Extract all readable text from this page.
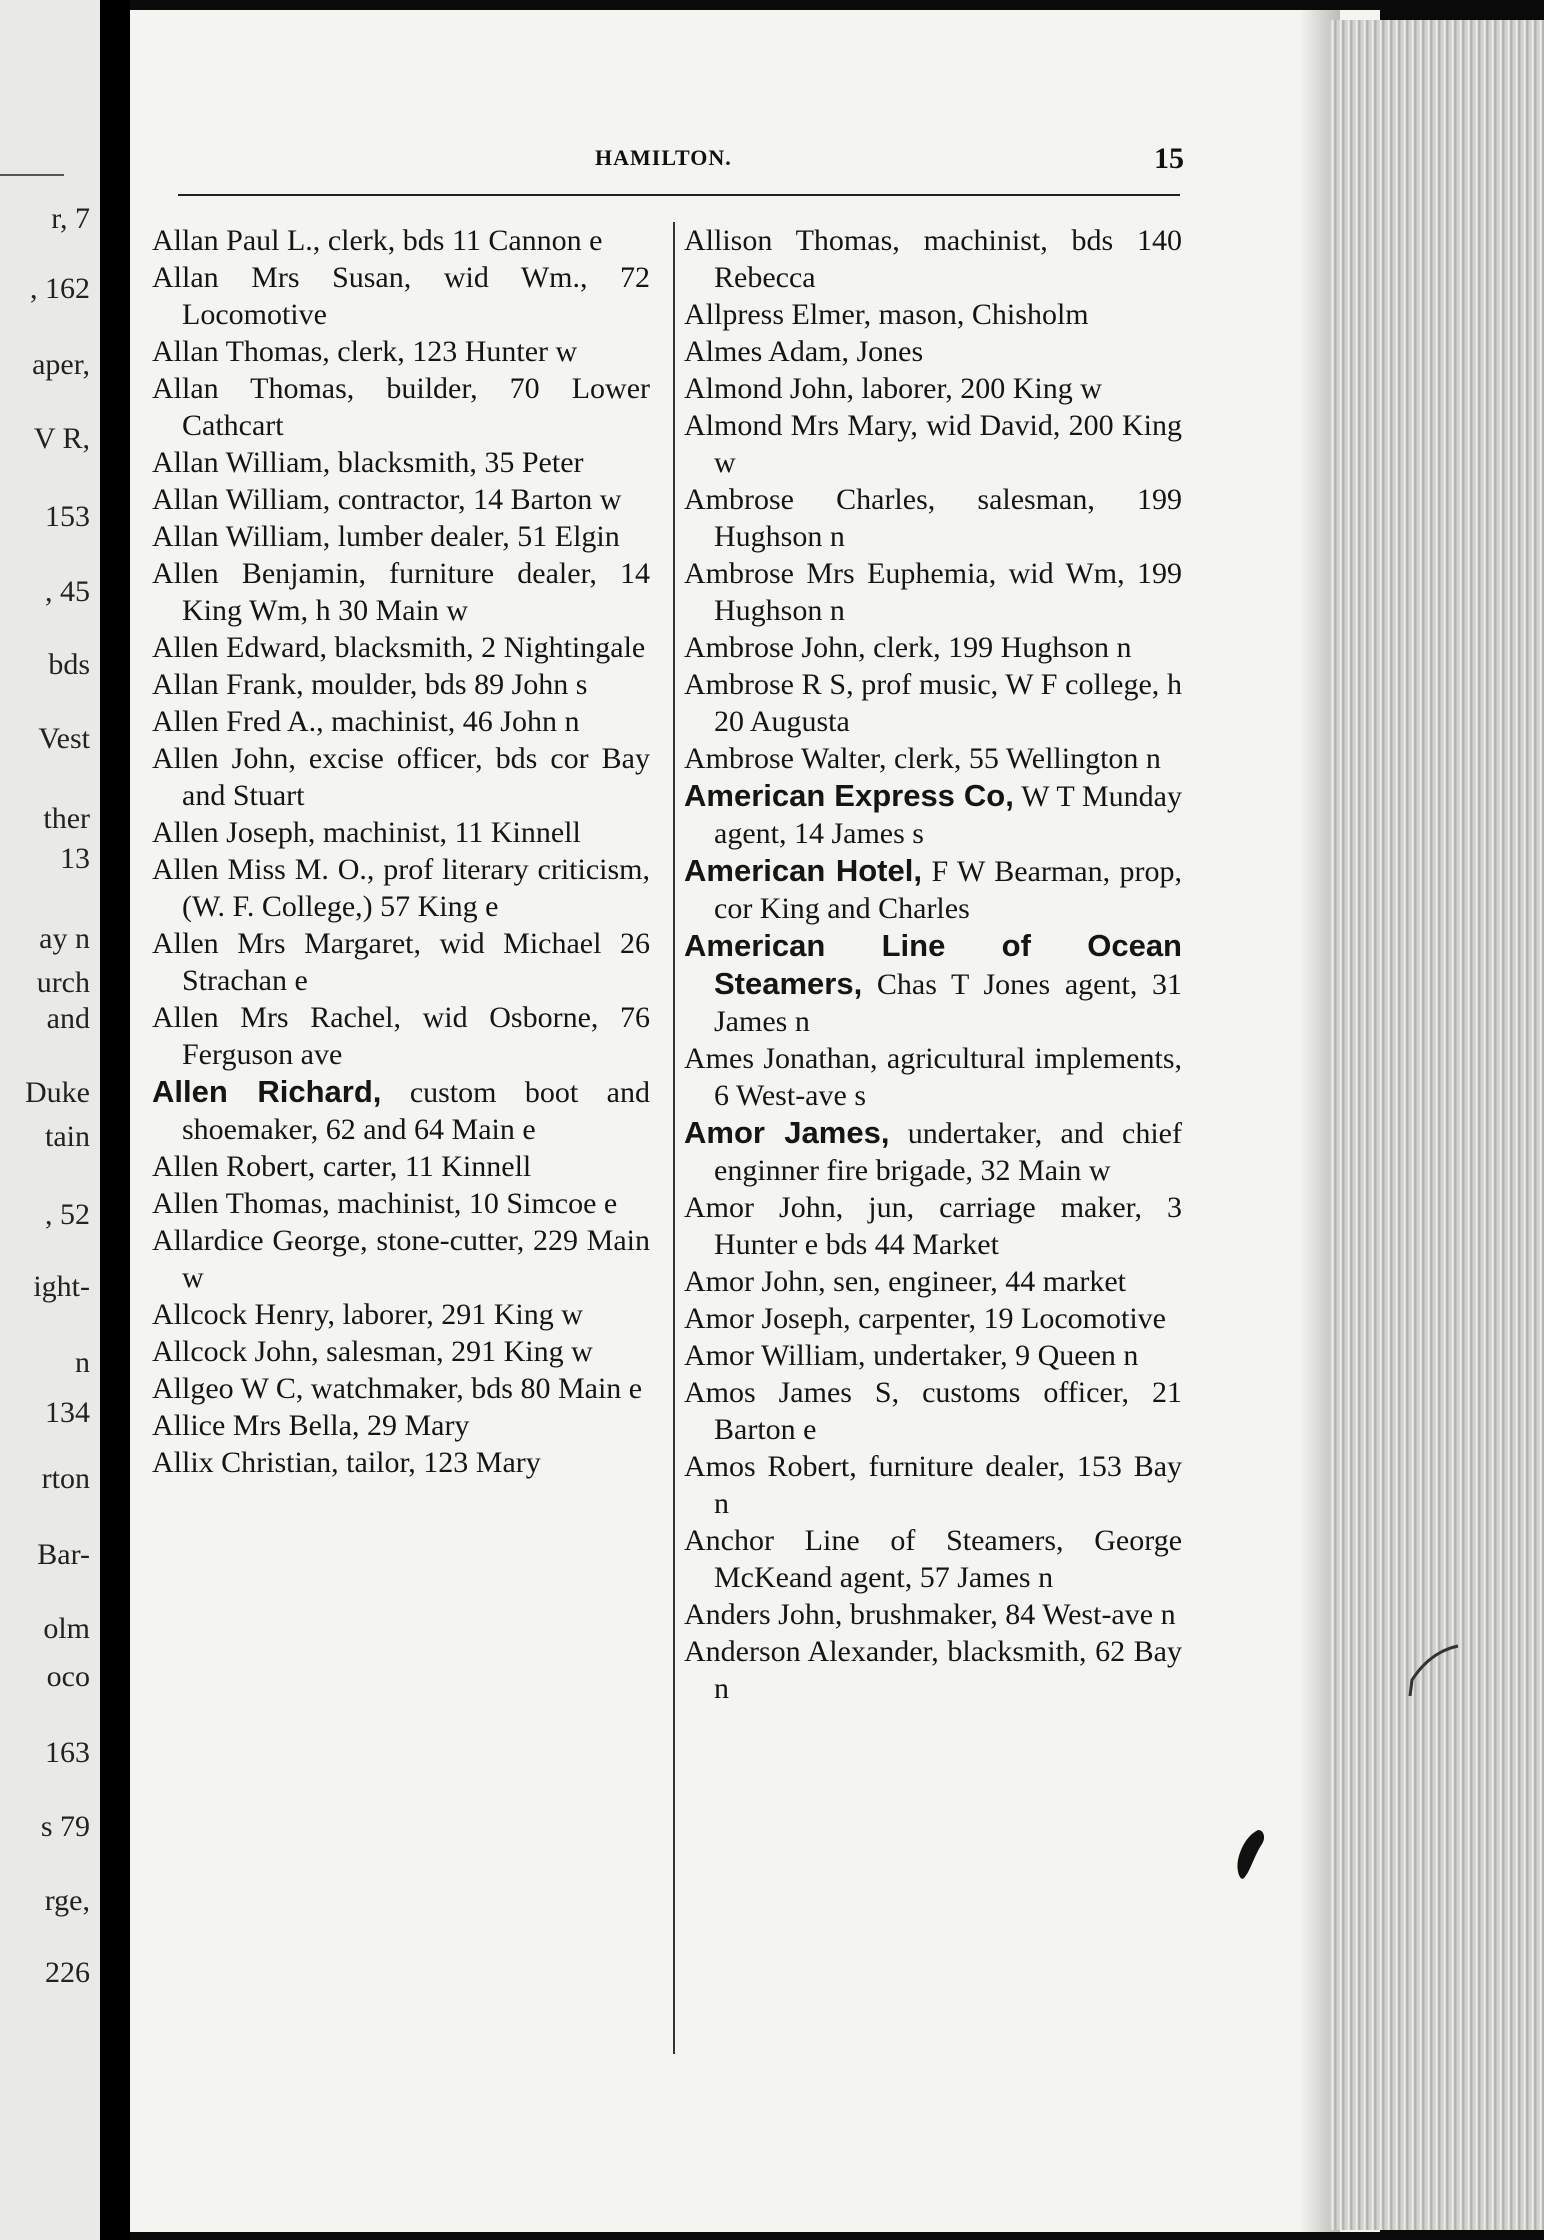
r, 7
, 162
aper,
V R,
153
, 45
bds
Vest
ther
13
ay n
urch
and
Duke
tain
, 52
ight-
n
134
rton
Bar-
olm
oco
163
s 79
rge,
226
HAMILTON.	15

Allan Paul L., clerk, bds 11 Cannon e

Allan Mrs Susan, wid Wm., 72 Locomotive

Allan Thomas, clerk, 123 Hunter w

Allan Thomas, builder, 70 Lower Cathcart

Allan William, blacksmith, 35 Peter

Allan William, contractor, 14 Barton w

Allan William, lumber dealer, 51 Elgin

Allen Benjamin, furniture dealer, 14 King Wm, h 30 Main w

Allen Edward, blacksmith, 2 Nightingale

Allan Frank, moulder, bds 89 John s

Allen Fred A., machinist, 46 John n

Allen John, excise officer, bds cor Bay and Stuart

Allen Joseph, machinist, 11 Kinnell

Allen Miss M. O., prof literary criticism, (W. F. College,) 57 King e

Allen Mrs Margaret, wid Michael 26 Strachan e

Allen Mrs Rachel, wid Osborne, 76 Ferguson ave

Allen Richard, custom boot and shoemaker, 62 and 64 Main e

Allen Robert, carter, 11 Kinnell

Allen Thomas, machinist, 10 Simcoe e

Allardice George, stone-cutter, 229 Main w

Allcock Henry, laborer, 291 King w

Allcock John, salesman, 291 King w

Allgeo W C, watchmaker, bds 80 Main e

Allice Mrs Bella, 29 Mary

Allix Christian, tailor, 123 Mary

Allison Thomas, machinist, bds 140 Rebecca

Allpress Elmer, mason, Chisholm

Almes Adam, Jones

Almond John, laborer, 200 King w

Almond Mrs Mary, wid David, 200 King w

Ambrose Charles, salesman, 199 Hughson n

Ambrose Mrs Euphemia, wid Wm, 199 Hughson n

Ambrose John, clerk, 199 Hughson n

Ambrose R S, prof music, W F college, h 20 Augusta

Ambrose Walter, clerk, 55 Wellington n

American Express Co, W T Munday agent, 14 James s

American Hotel, F W Bearman, prop, cor King and Charles

American Line of Ocean Steamers, Chas T Jones agent, 31 James n

Ames Jonathan, agricultural implements, 6 West-ave s

Amor James, undertaker, and chief enginner fire brigade, 32 Main w

Amor John, jun, carriage maker, 3 Hunter e bds 44 Market

Amor John, sen, engineer, 44 market

Amor Joseph, carpenter, 19 Locomotive

Amor William, undertaker, 9 Queen n

Amos James S, customs officer, 21 Barton e

Amos Robert, furniture dealer, 153 Bay n

Anchor Line of Steamers, George McKeand agent, 57 James n

Anders John, brushmaker, 84 West-ave n

Anderson Alexander, blacksmith, 62 Bay n
